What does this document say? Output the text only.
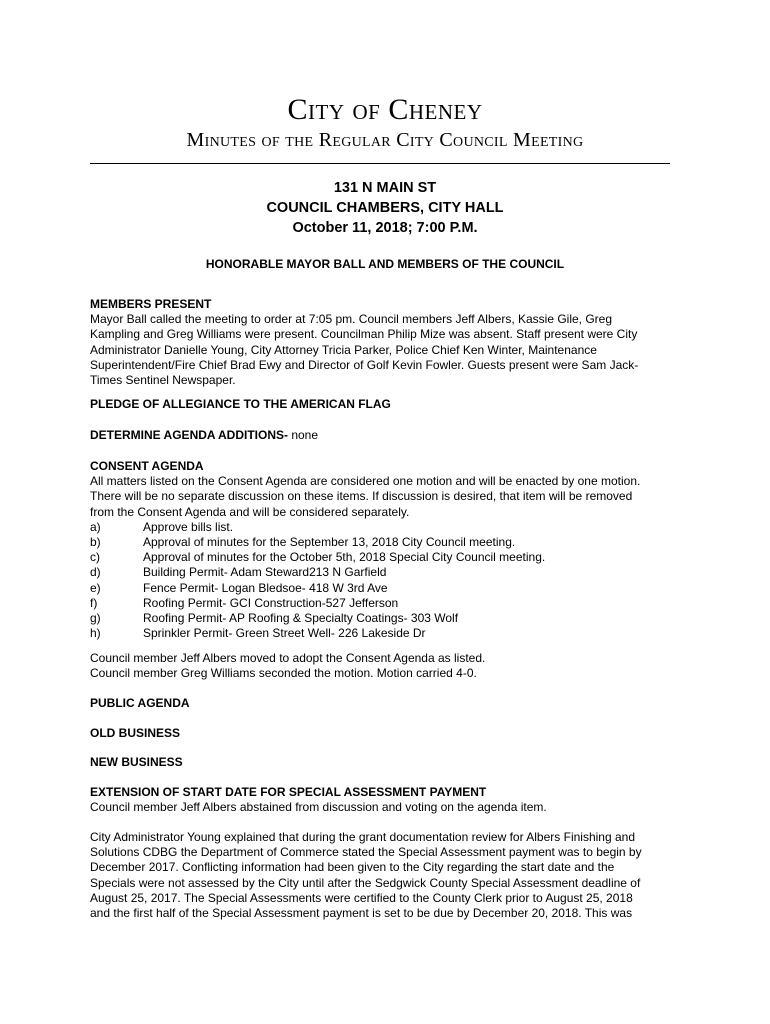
City of Cheney
Minutes of the Regular City Council Meeting
131 N MAIN ST
COUNCIL CHAMBERS, CITY HALL
October 11, 2018; 7:00 P.M.
HONORABLE MAYOR BALL AND MEMBERS OF THE COUNCIL
MEMBERS PRESENT
Mayor Ball called the meeting to order at 7:05 pm. Council members Jeff Albers, Kassie Gile, Greg
Kampling and Greg Williams were present. Councilman Philip Mize was absent. Staff present were City
Administrator Danielle Young, City Attorney Tricia Parker, Police Chief Ken Winter, Maintenance
Superintendent/Fire Chief Brad Ewy and Director of Golf Kevin Fowler. Guests present were Sam Jack-
Times Sentinel Newspaper.
PLEDGE OF ALLEGIANCE TO THE AMERICAN FLAG
DETERMINE AGENDA ADDITIONS- none
CONSENT AGENDA
All matters listed on the Consent Agenda are considered one motion and will be enacted by one motion.
There will be no separate discussion on these items. If discussion is desired, that item will be removed
from the Consent Agenda and will be considered separately.
a)	Approve bills list.
b)	Approval of minutes for the September 13, 2018 City Council meeting.
c)	Approval of minutes for the October 5th, 2018 Special City Council meeting.
d)	Building Permit- Adam Steward213 N Garfield
e)	Fence Permit- Logan Bledsoe- 418 W 3rd Ave
f)	Roofing Permit- GCI Construction-527 Jefferson
g)	Roofing Permit- AP Roofing & Specialty Coatings- 303 Wolf
h)	Sprinkler Permit- Green Street Well- 226 Lakeside Dr
Council member Jeff Albers moved to adopt the Consent Agenda as listed.
Council member Greg Williams seconded the motion. Motion carried 4-0.
PUBLIC AGENDA
OLD BUSINESS
NEW BUSINESS
EXTENSION OF START DATE FOR SPECIAL ASSESSMENT PAYMENT
Council member Jeff Albers abstained from discussion and voting on the agenda item.
City Administrator Young explained that during the grant documentation review for Albers Finishing and
Solutions CDBG the Department of Commerce stated the Special Assessment payment was to begin by
December 2017. Conflicting information had been given to the City regarding the start date and the
Specials were not assessed by the City until after the Sedgwick County Special Assessment deadline of
August 25, 2017. The Special Assessments were certified to the County Clerk prior to August 25, 2018
and the first half of the Special Assessment payment is set to be due by December 20, 2018. This was
